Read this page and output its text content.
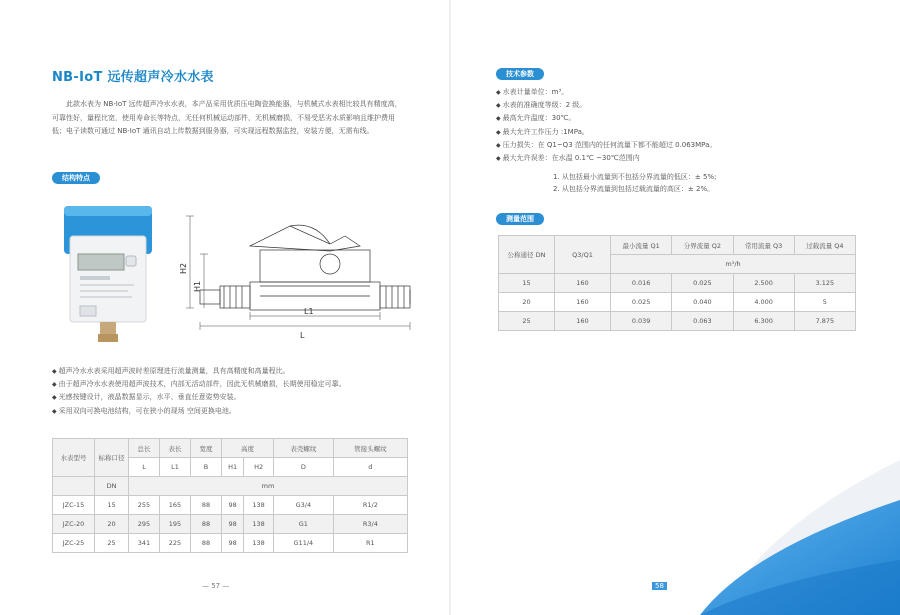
NB-IoT 远传超声冷水水表

此款水表为 NB-IoT 远传超声冷水水表，本产品采用优质压电陶瓷换能器，与机械式水表相比较具有精度高，可靠性好，量程比宽，使用寿命长等特点，无任何机械运动部件，无机械磨损，不易受恶劣水质影响且维护费用低；电子读数可通过 NB-IoT 通讯自动上传数据到服务器，可实现远程数据监控，安装方便，无需布线。

结构特点
H2
H1
L
L1
◆ 超声冷水水表采用超声波时差原理进行流量测量，具有高精度和高量程比。
◆ 由于超声冷水水表使用超声波技术，内部无活动部件，因此无机械磨损，长期使用稳定可靠。
◆ 光感按键设计，液晶数据显示，水平、垂直任意姿势安装。
◆ 采用双向可换电池结构，可在狭小的现场 空间更换电池。
水表型号	标称口径	总长	表长	宽度	高度		表壳螺纹	管接头螺纹
		L	L1	B	H1	H2	D	d
	DN	mm						
JZC-15	15	255	165	88	98	138	G3/4	R1/2
JZC-20	20	295	195	88	98	138	G1	R3/4
JZC-25	25	341	225	88	98	138	G11/4	R1
— 57 —
技术参数
◆ 水表计量单位：m³。
◆ 水表的准确度等级：2 级。
◆ 最高允许温度：30℃。
◆ 最大允许工作压力 :1MPa。
◆ 压力损失：在 Q1~Q3 范围内的任何流量下都不能超过 0.063MPa。
◆ 最大允许误差：在水温 0.1℃ ~30℃范围内
1. 从包括最小流量到不包括分界流量的低区：± 5%;
2. 从包括分界流量到包括过载流量的高区：± 2%。
测量范围
公称通径 DN	Q3/Q1	最小流量 Q1	分界流量 Q2	常用流量 Q3	过载流量 Q4
		m³/h			
15	160	0.016	0.025	2.500	3.125
20	160	0.025	0.040	4.000	5
25	160	0.039	0.063	6.300	7.875
58
